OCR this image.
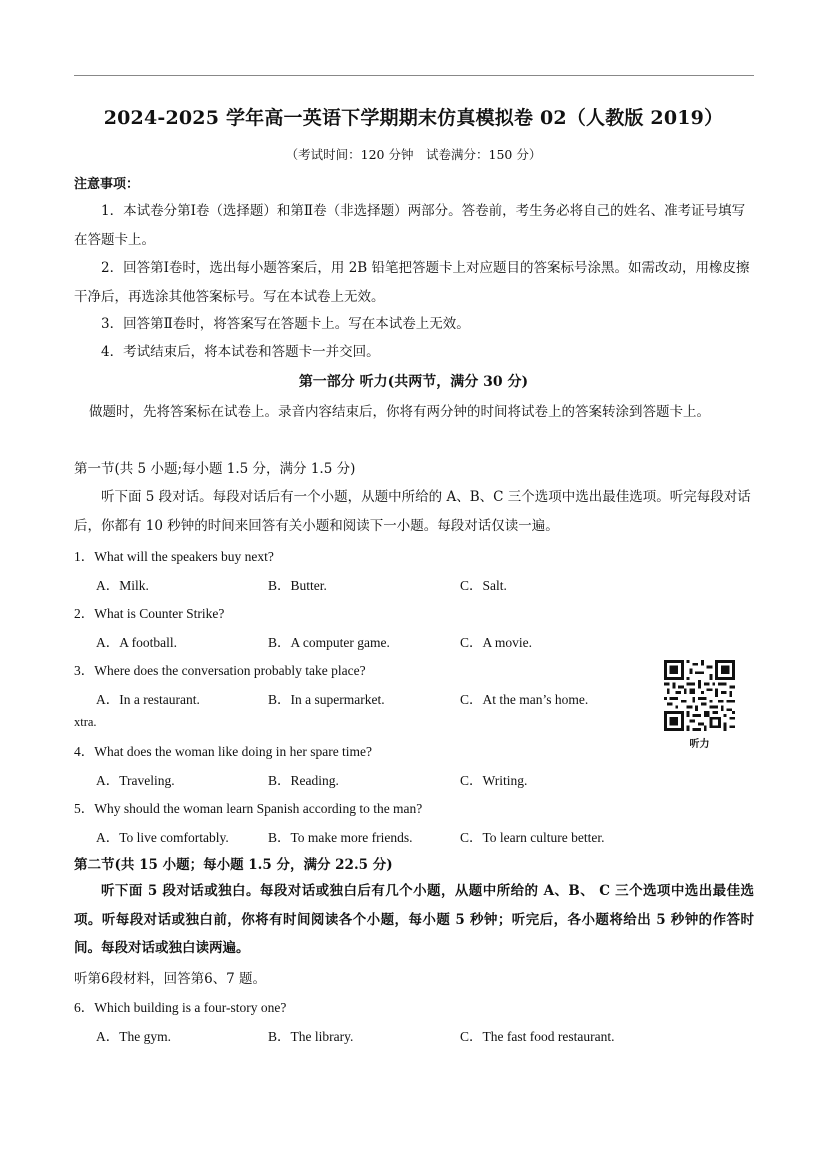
2024-2025 学年高一英语下学期期末仿真模拟卷 02（人教版 2019）
（考试时间：120 分钟　试卷满分：150 分）
注意事项：
1．本试卷分第Ⅰ卷（选择题）和第Ⅱ卷（非选择题）两部分。答卷前，考生务必将自己的姓名、准考证号填写在答题卡上。
2．回答第Ⅰ卷时，选出每小题答案后，用 2B 铅笔把答题卡上对应题目的答案标号涂黑。如需改动，用橡皮擦干净后，再选涂其他答案标号。写在本试卷上无效。
3．回答第Ⅱ卷时，将答案写在答题卡上。写在本试卷上无效。
4．考试结束后，将本试卷和答题卡一并交回。
第一部分 听力(共两节，满分 30 分)
做题时，先将答案标在试卷上。录音内容结束后，你将有两分钟的时间将试卷上的答案转涂到答题卡上。
第一节(共 5 小题;每小题 1.5 分，满分 1.5 分)
听下面 5 段对话。每段对话后有一个小题，从题中所给的 A、B、C 三个选项中选出最佳选项。听完每段对话后，你都有 10 秒钟的时间来回答有关小题和阅读下一小题。每段对话仅读一遍。
1．What will the speakers buy next?
A．Milk.	B．Butter.	C．Salt.
2．What is Counter Strike?
A．A football.	B．A computer game.	C．A movie.
3．Where does the conversation probably take place?
A．In a restaurant.	B．In a supermarket.	C．At the man’s home.
xtra.
听力
4．What does the woman like doing in her spare time?
A．Traveling.	B．Reading.	C．Writing.
5．Why should the woman learn Spanish according to the man?
A．To live comfortably.	B．To make more friends.	C．To learn culture better.
第二节(共 15 小题；每小题 1.5 分，满分 22.5 分)
听下面 5 段对话或独白。每段对话或独白后有几个小题，从题中所给的 A、B、 C 三个选项中选出最佳选项。听每段对话或独白前，你将有时间阅读各个小题，每小题 5 秒钟；听完后，各小题将给出 5 秒钟的作答时间。每段对话或独白读两遍。
听第6段材料，回答第6、7 题。
6．Which building is a four-story one?
A．The gym.	B．The library.	C．The fast food restaurant.
